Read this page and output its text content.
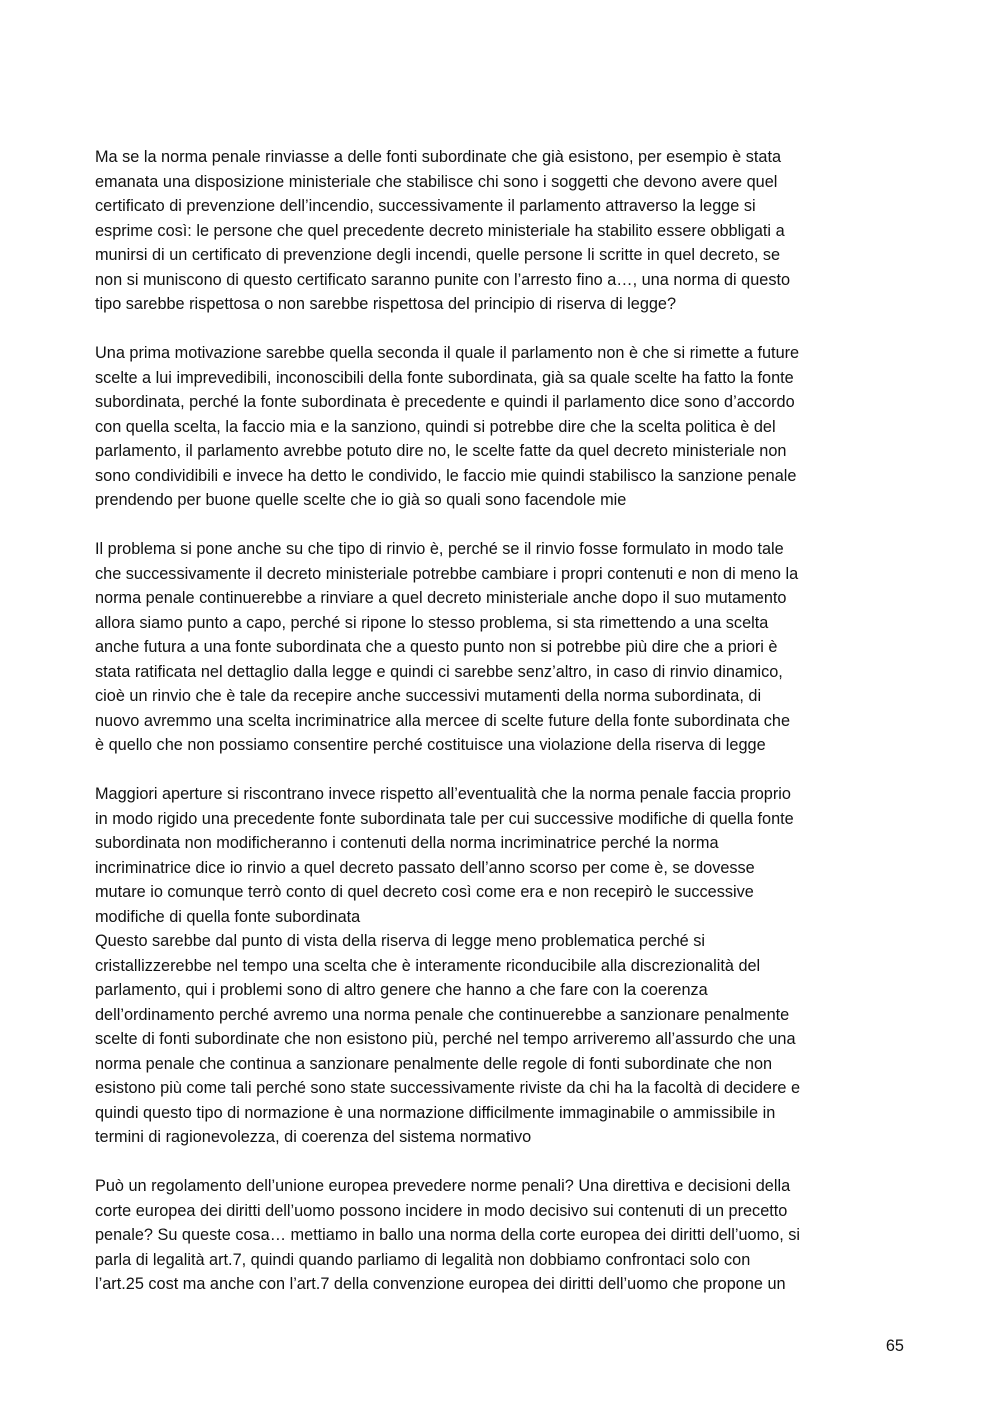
Ma se la norma penale rinviasse a delle fonti subordinate che già esistono, per esempio è stata
emanata una disposizione ministeriale che stabilisce chi sono i soggetti che devono avere quel
certificato di prevenzione dell’incendio, successivamente il parlamento attraverso la legge si
esprime così: le persone che quel precedente decreto ministeriale ha stabilito essere obbligati a
munirsi di un certificato di prevenzione degli incendi, quelle persone li scritte in quel decreto, se
non si muniscono di questo certificato saranno punite con l’arresto fino a…, una norma di questo
tipo sarebbe rispettosa o non sarebbe rispettosa del principio di riserva di legge?
Una prima motivazione sarebbe quella seconda il quale il parlamento non è che si rimette a future
scelte a lui imprevedibili, inconoscibili della fonte subordinata, già sa quale scelte ha fatto la fonte
subordinata, perché la fonte subordinata è precedente e quindi il parlamento dice sono d’accordo
con quella scelta, la faccio mia e la sanziono, quindi si potrebbe dire che la scelta politica è del
parlamento, il parlamento avrebbe potuto dire no, le scelte fatte da quel decreto ministeriale non
sono condividibili e invece ha detto le condivido, le faccio mie quindi stabilisco la sanzione penale
prendendo per buone quelle scelte che io già so quali sono facendole mie
Il problema si pone anche su che tipo di rinvio è, perché se il rinvio fosse formulato in modo tale
che successivamente il decreto ministeriale potrebbe cambiare i propri contenuti e non di meno la
norma penale continuerebbe a rinviare a quel decreto ministeriale anche dopo il suo mutamento
allora siamo punto a capo, perché si ripone lo stesso problema, si sta rimettendo a una scelta
anche futura a una fonte subordinata che a questo punto non si potrebbe più dire che a priori è
stata ratificata nel dettaglio dalla legge e quindi ci sarebbe senz’altro, in caso di rinvio dinamico,
cioè un rinvio che è tale da recepire anche successivi mutamenti della norma subordinata, di
nuovo avremmo una scelta incriminatrice alla mercee di scelte future della fonte subordinata che
è quello che non possiamo consentire perché costituisce una violazione della riserva di legge
Maggiori aperture si riscontrano invece rispetto all’eventualità che la norma penale faccia proprio
in modo rigido una precedente fonte subordinata tale per cui successive modifiche di quella fonte
subordinata non modificheranno i contenuti della norma incriminatrice perché la norma
incriminatrice dice io rinvio a quel decreto passato dell’anno scorso per come è, se dovesse
mutare io comunque terrò conto di quel decreto così come era e non recepirò le successive
modifiche di quella fonte subordinata
Questo sarebbe dal punto di vista della riserva di legge meno problematica perché si
cristallizzerebbe nel tempo una scelta che è interamente riconducibile alla discrezionalità del
parlamento, qui i problemi sono di altro genere che hanno a che fare con la coerenza
dell’ordinamento perché avremo una norma penale che continuerebbe a sanzionare penalmente
scelte di fonti subordinate che non esistono più, perché nel tempo arriveremo all’assurdo che una
norma penale che continua a sanzionare penalmente delle regole di fonti subordinate che non
esistono più come tali perché sono state successivamente riviste da chi ha la facoltà di decidere e
quindi questo tipo di normazione è una normazione difficilmente immaginabile o ammissibile in
termini di ragionevolezza, di coerenza del sistema normativo
Può un regolamento dell’unione europea prevedere norme penali? Una direttiva e decisioni della
corte europea dei diritti dell’uomo possono incidere in modo decisivo sui contenuti di un precetto
penale? Su queste cosa… mettiamo in ballo una norma della corte europea dei diritti dell’uomo, si
parla di legalità art.7, quindi quando parliamo di legalità non dobbiamo confrontaci solo con
l’art.25 cost ma anche con l’art.7 della convenzione europea dei diritti dell’uomo che propone un
65
